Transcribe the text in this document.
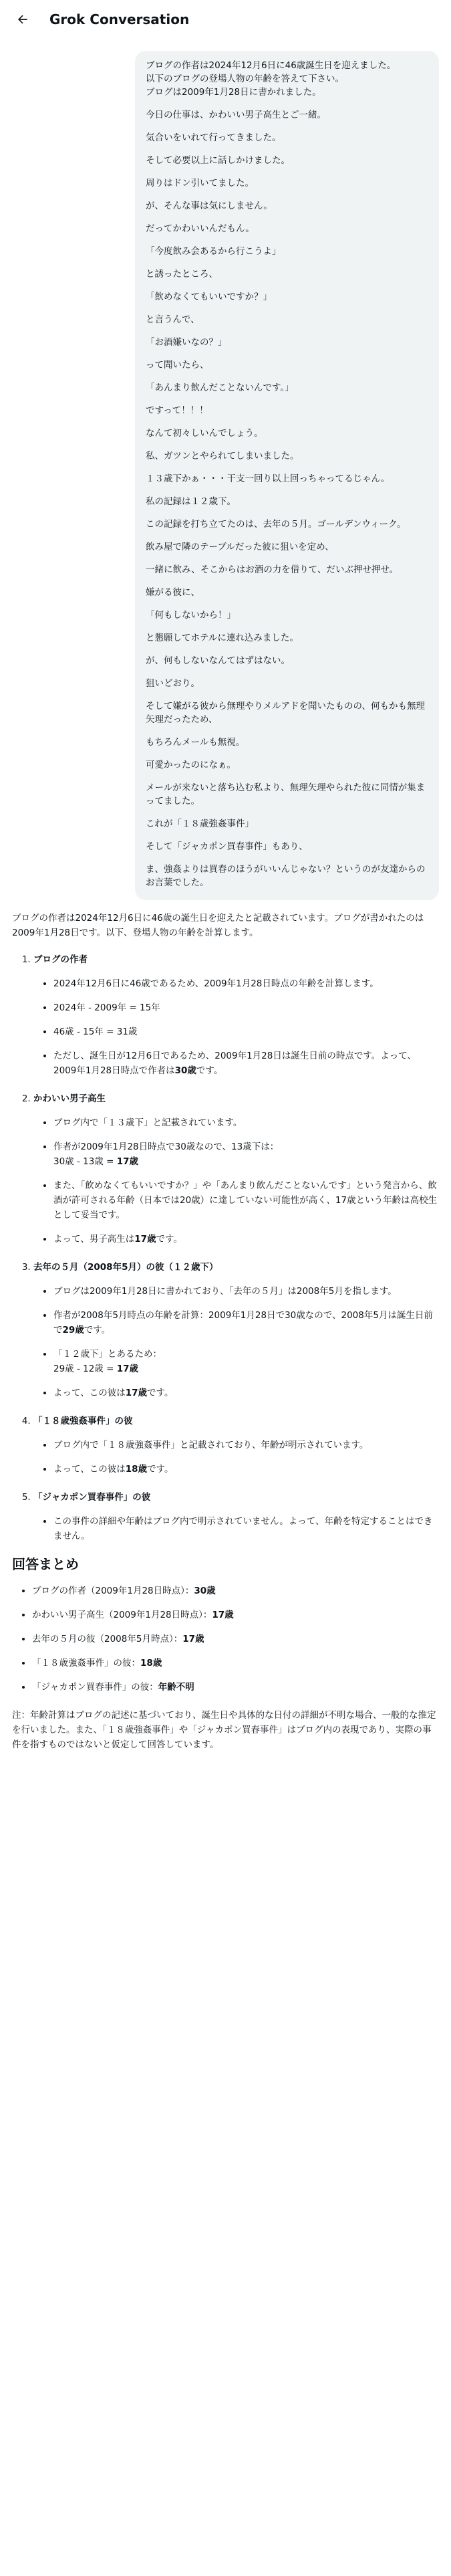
Grok Conversation
ブログの作者は2024年12月6日に46歳誕生日を迎えました。
以下のブログの登場人物の年齢を答えて下さい。
ブログは2009年1月28日に書かれました。
今日の仕事は、かわいい男子高生とご一緒。
気合いをいれて行ってきました。
そして必要以上に話しかけました。
周りはドン引いてました。
が、そんな事は気にしません。
だってかわいいんだもん。
「今度飲み会あるから行こうよ」
と誘ったところ、
「飲めなくてもいいですか？」
と言うんで、
「お酒嫌いなの？」
って聞いたら、
「あんまり飲んだことないんです。」
ですって！！！
なんて初々しいんでしょう。
私、ガツンとやられてしまいました。
１３歳下かぁ・・・干支一回り以上回っちゃってるじゃん。
私の記録は１２歳下。
この記録を打ち立てたのは、去年の５月。ゴールデンウィーク。
飲み屋で隣のテーブルだった彼に狙いを定め、
一緒に飲み、そこからはお酒の力を借りて、だいぶ押せ押せ。
嫌がる彼に、
「何もしないから！」
と懇願してホテルに連れ込みました。
が、何もしないなんてはずはない。
狙いどおり。
そして嫌がる彼から無理やりメルアドを聞いたものの、何もかも無理矢理だったため、
もちろんメールも無視。
可愛かったのになぁ。
メールが来ないと落ち込む私より、無理矢理やられた彼に同情が集まってました。
これが「１８歳強姦事件」
そして「ジャカポン買春事件」もあり、
ま、強姦よりは買春のほうがいいんじゃない？というのが友達からのお言葉でした。
ブログの作者は2024年12月6日に46歳の誕生日を迎えたと記載されています。ブログが書かれたのは2009年1月28日です。以下、登場人物の年齢を計算します。
1. ブログの作者
• 2024年12月6日に46歳であるため、2009年1月28日時点の年齢を計算します。
• 2024年 - 2009年 = 15年
• 46歳 - 15年 = 31歳
• ただし、誕生日が12月6日であるため、2009年1月28日は誕生日前の時点です。よって、2009年1月28日時点で作者は30歳です。
2. かわいい男子高生
• ブログ内で「１３歳下」と記載されています。
• 作者が2009年1月28日時点で30歳なので、13歳下は：
30歳 - 13歳 = 17歳
• また、「飲めなくてもいいですか？」や「あんまり飲んだことないんです」という発言から、飲酒が許可される年齢（日本では20歳）に達していない可能性が高く、17歳という年齢は高校生として妥当です。
• よって、男子高生は17歳です。
3. 去年の５月（2008年5月）の彼（１２歳下）
• ブログは2009年1月28日に書かれており、「去年の５月」は2008年5月を指します。
• 作者が2008年5月時点の年齢を計算：2009年1月28日で30歳なので、2008年5月は誕生日前で29歳です。
• 「１２歳下」とあるため：
29歳 - 12歳 = 17歳
• よって、この彼は17歳です。
4. 「１８歳強姦事件」の彼
• ブログ内で「１８歳強姦事件」と記載されており、年齢が明示されています。
• よって、この彼は18歳です。
5. 「ジャカポン買春事件」の彼
• この事件の詳細や年齢はブログ内で明示されていません。よって、年齢を特定することはできません。
回答まとめ
• ブログの作者（2009年1月28日時点）：30歳
• かわいい男子高生（2009年1月28日時点）：17歳
• 去年の５月の彼（2008年5月時点）：17歳
• 「１８歳強姦事件」の彼：18歳
• 「ジャカポン買春事件」の彼：年齢不明
注：年齢計算はブログの記述に基づいており、誕生日や具体的な日付の詳細が不明な場合、一般的な推定を行いました。また、「１８歳強姦事件」や「ジャカポン買春事件」はブログ内の表現であり、実際の事件を指すものではないと仮定して回答しています。
